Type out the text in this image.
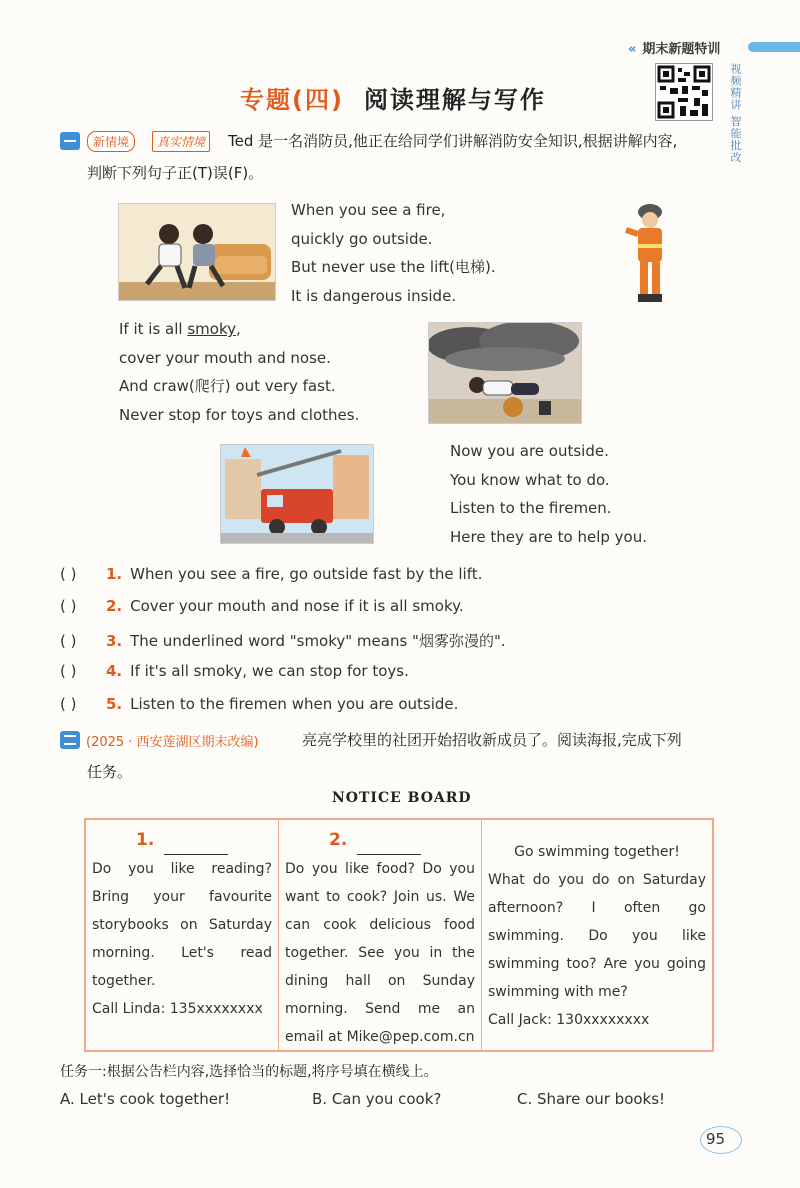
« 期末新题特训
视频精讲 智能批改
专题(四) 阅读理解与写作
新情境	真实情境	Ted 是一名消防员,他正在给同学们讲解消防安全知识,根据讲解内容,
判断下列句子正(T)误(F)。
When you see a fire,
quickly go outside.
But never use the lift(电梯).
It is dangerous inside.
If it is all smoky,
cover your mouth and nose.
And craw(爬行) out very fast.
Never stop for toys and clothes.
Now you are outside.
You know what to do.
Listen to the firemen.
Here they are to help you.
( ) 1. When you see a fire, go outside fast by the lift.
( ) 2. Cover your mouth and nose if it is all smoky.
( ) 3. The underlined word "smoky" means "烟雾弥漫的".
( ) 4. If it's all smoky, we can stop for toys.
( ) 5. Listen to the firemen when you are outside.
(2025 · 西安莲湖区期末改编)	亮亮学校里的社团开始招收新成员了。阅读海报,完成下列
任务。
NOTICE BOARD
1.

Do you like reading? Bring your favourite storybooks on Saturday morning. Let's read together.

Call Linda: 135xxxxxxxx

2.

Do you like food? Do you want to cook? Join us. We can cook delicious food together. See you in the dining hall on Sunday morning. Send me an email at Mike@pep.com.cn

Go swimming together!

What do you do on Saturday afternoon? I often go swimming. Do you like swimming too? Are you going swimming with me?

Call Jack: 130xxxxxxxx

任务一:根据公告栏内容,选择恰当的标题,将序号填在横线上。
A. Let's cook together!	B. Can you cook?	C. Share our books!
95
